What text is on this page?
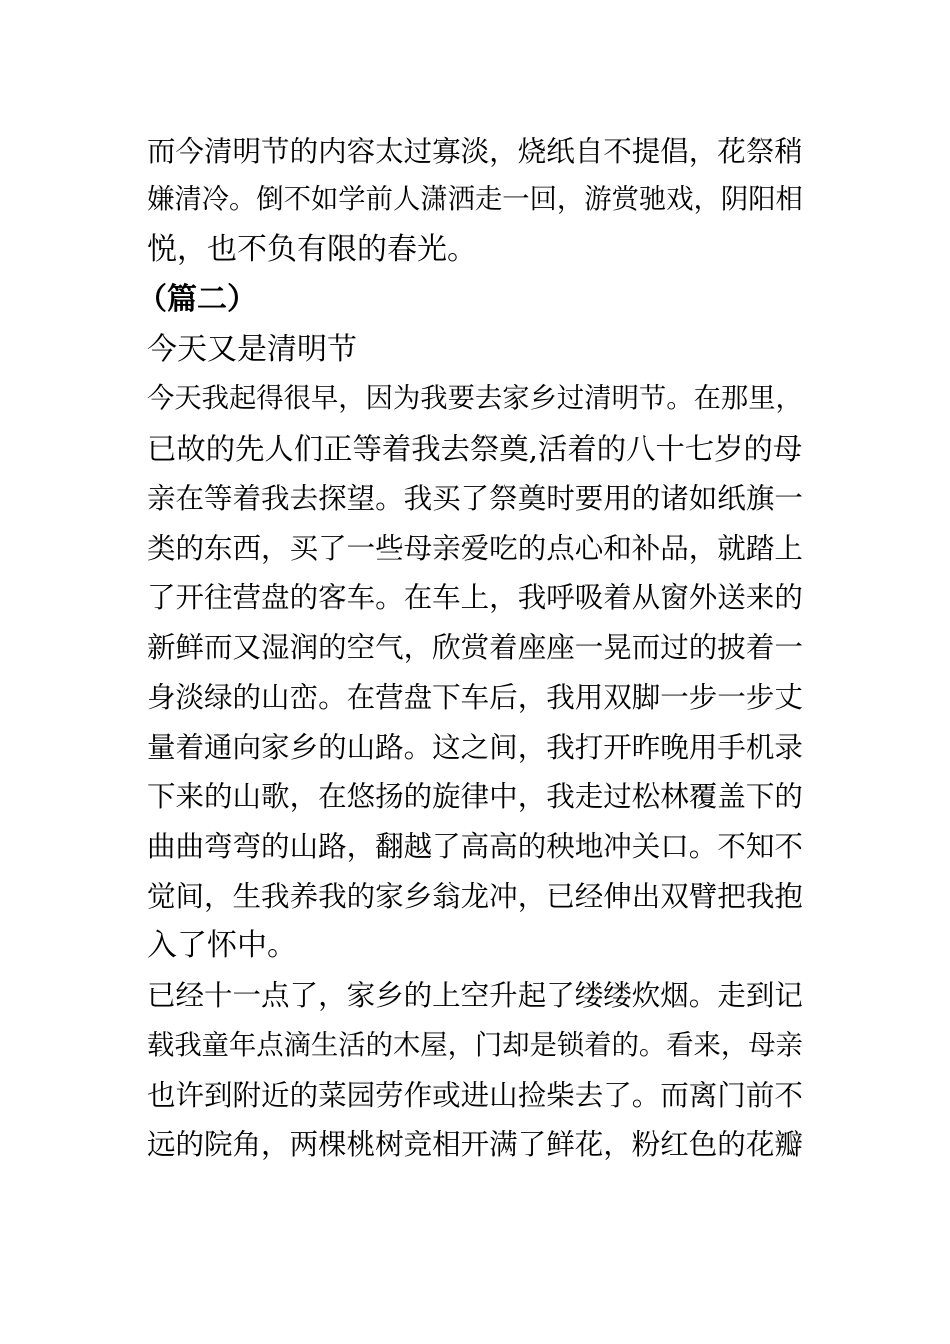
而今清明节的内容太过寡淡，烧纸自不提倡，花祭稍
嫌清冷。倒不如学前人潇洒走一回，游赏驰戏，阴阳相
悦，也不负有限的春光。
（篇二）
今天又是清明节
今天我起得很早，因为我要去家乡过清明节。在那里，
已故的先人们正等着我去祭奠,活着的八十七岁的母
亲在等着我去探望。我买了祭奠时要用的诸如纸旗一
类的东西，买了一些母亲爱吃的点心和补品，就踏上
了开往营盘的客车。在车上，我呼吸着从窗外送来的
新鲜而又湿润的空气，欣赏着座座一晃而过的披着一
身淡绿的山峦。在营盘下车后，我用双脚一步一步丈
量着通向家乡的山路。这之间，我打开昨晚用手机录
下来的山歌，在悠扬的旋律中，我走过松林覆盖下的
曲曲弯弯的山路，翻越了高高的秧地冲关口。不知不
觉间，生我养我的家乡翁龙冲，已经伸出双臂把我抱
入了怀中。
已经十一点了，家乡的上空升起了缕缕炊烟。走到记
载我童年点滴生活的木屋，门却是锁着的。看来，母亲
也许到附近的菜园劳作或进山捡柴去了。而离门前不
远的院角，两棵桃树竞相开满了鲜花，粉红色的花瓣
